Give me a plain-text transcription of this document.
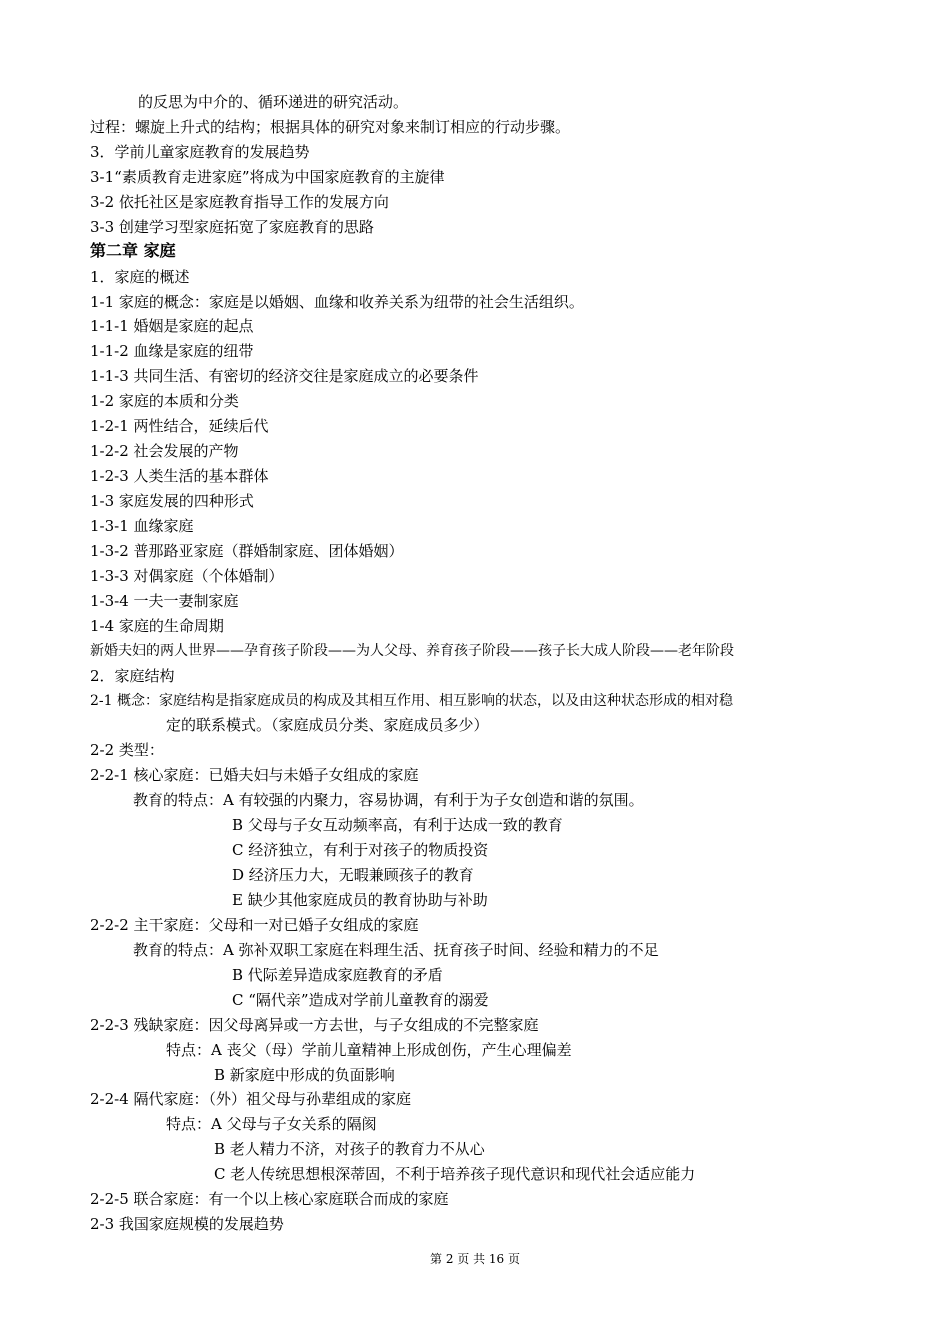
的反思为中介的、循环递进的研究活动。
过程：螺旋上升式的结构；根据具体的研究对象来制订相应的行动步骤。
3．学前儿童家庭教育的发展趋势
3-1“素质教育走进家庭”将成为中国家庭教育的主旋律
3-2 依托社区是家庭教育指导工作的发展方向
3-3 创建学习型家庭拓宽了家庭教育的思路
第二章 家庭
1．家庭的概述
1-1 家庭的概念：家庭是以婚姻、血缘和收养关系为纽带的社会生活组织。
1-1-1 婚姻是家庭的起点
1-1-2 血缘是家庭的纽带
1-1-3 共同生活、有密切的经济交往是家庭成立的必要条件
1-2 家庭的本质和分类
1-2-1 两性结合，延续后代
1-2-2 社会发展的产物
1-2-3 人类生活的基本群体
1-3 家庭发展的四种形式
1-3-1 血缘家庭
1-3-2 普那路亚家庭（群婚制家庭、团体婚姻）
1-3-3 对偶家庭（个体婚制）
1-3-4 一夫一妻制家庭
1-4 家庭的生命周期
新婚夫妇的两人世界——孕育孩子阶段——为人父母、养育孩子阶段——孩子长大成人阶段——老年阶段
2．家庭结构
2-1 概念：家庭结构是指家庭成员的构成及其相互作用、相互影响的状态，以及由这种状态形成的相对稳
定的联系模式。（家庭成员分类、家庭成员多少）
2-2 类型：
2-2-1 核心家庭：已婚夫妇与未婚子女组成的家庭
教育的特点：A 有较强的内聚力，容易协调，有利于为子女创造和谐的氛围。
B 父母与子女互动频率高，有利于达成一致的教育
C 经济独立，有利于对孩子的物质投资
D 经济压力大，无暇兼顾孩子的教育
E 缺少其他家庭成员的教育协助与补助
2-2-2 主干家庭：父母和一对已婚子女组成的家庭
教育的特点：A 弥补双职工家庭在料理生活、抚育孩子时间、经验和精力的不足
B 代际差异造成家庭教育的矛盾
C “隔代亲”造成对学前儿童教育的溺爱
2-2-3 残缺家庭：因父母离异或一方去世，与子女组成的不完整家庭
特点：A 丧父（母）学前儿童精神上形成创伤，产生心理偏差
B 新家庭中形成的负面影响
2-2-4 隔代家庭：（外）祖父母与孙辈组成的家庭
特点：A 父母与子女关系的隔阂
B 老人精力不济，对孩子的教育力不从心
C 老人传统思想根深蒂固，不利于培养孩子现代意识和现代社会适应能力
2-2-5 联合家庭：有一个以上核心家庭联合而成的家庭
2-3 我国家庭规模的发展趋势
第 2 页 共 16 页
